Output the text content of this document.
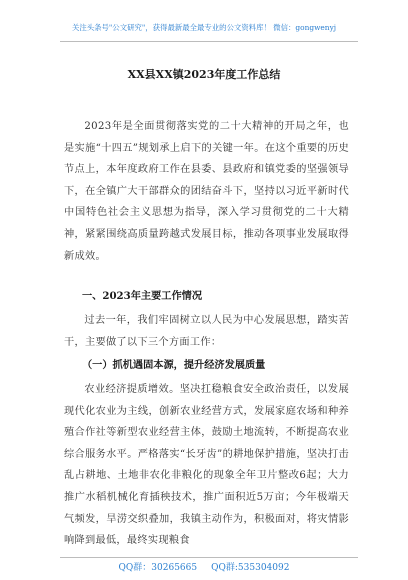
关注头条号"公文研究"，获得最新最全最专业的公文资料库！ 微信：gongwenyj
XX县XX镇2023年度工作总结
2023年是全面贯彻落实党的二十大精神的开局之年，也是实施“十四五”规划承上启下的关键一年。在这个重要的历史节点上，本年度政府工作在县委、县政府和镇党委的坚强领导下，在全镇广大干部群众的团结奋斗下，坚持以习近平新时代中国特色社会主义思想为指导，深入学习贯彻党的二十大精神，紧紧围绕高质量跨越式发展目标，推动各项事业发展取得新成效。
一、2023年主要工作情况
过去一年，我们牢固树立以人民为中心发展思想，踏实苦干，主要做了以下三个方面工作：
（一）抓机遇固本源，提升经济发展质量
农业经济提质增效。坚决扛稳粮食安全政治责任，以发展现代化农业为主线，创新农业经营方式，发展家庭农场和种养殖合作社等新型农业经营主体，鼓励土地流转，不断提高农业综合服务水平。严格落实“长牙齿”的耕地保护措施，坚决打击乱占耕地、土地非农化非粮化的现象全年卫片整改6起；大力推广水稻机械化育插秧技术，推广面积近5万亩；今年极端天气频发，旱涝交织叠加，我镇主动作为，积极面对，将灾情影响降到最低，最终实现粮食
QQ群：30265665 QQ群:535304092
